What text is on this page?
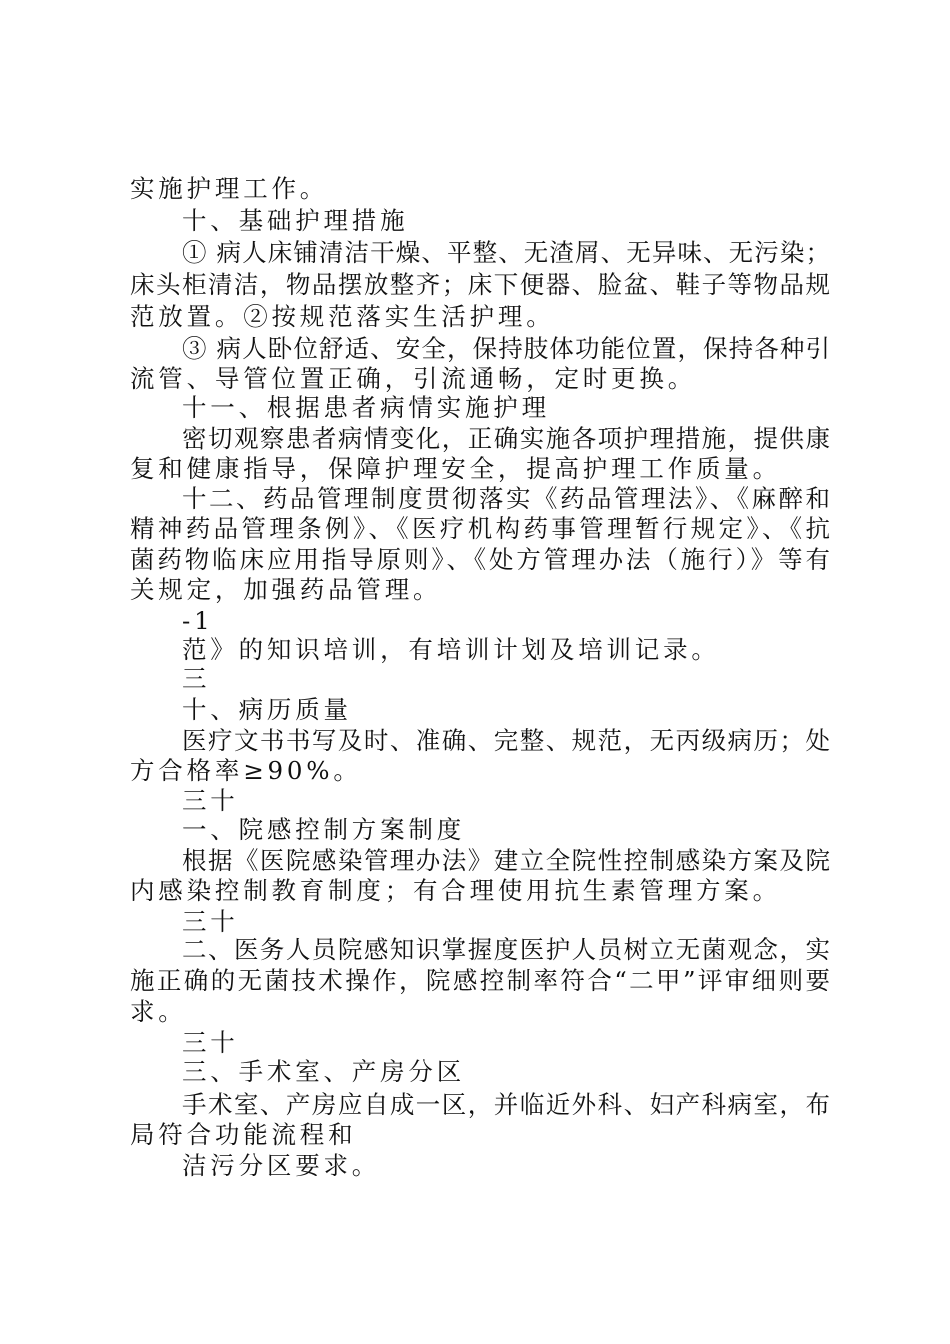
实施护理工作。
十、基础护理措施
① 病人床铺清洁干燥、平整、无渣屑、无异味、无污染；
床头柜清洁，物品摆放整齐；床下便器、脸盆、鞋子等物品规
范放置。②按规范落实生活护理。
③ 病人卧位舒适、安全，保持肢体功能位置，保持各种引
流管、导管位置正确，引流通畅，定时更换。
十一、根据患者病情实施护理
密切观察患者病情变化，正确实施各项护理措施，提供康
复和健康指导，保障护理安全，提高护理工作质量。
十二、药品管理制度贯彻落实《药品管理法》、《麻醉和
精神药品管理条例》、《医疗机构药事管理暂行规定》、《抗
菌药物临床应用指导原则》、《处方管理办法（施行）》等有
关规定，加强药品管理。
-1
范》的知识培训，有培训计划及培训记录。
三
十、病历质量
医疗文书书写及时、准确、完整、规范，无丙级病历；处
方合格率≥90%。
三十
一、院感控制方案制度
根据《医院感染管理办法》建立全院性控制感染方案及院
内感染控制教育制度；有合理使用抗生素管理方案。
三十
二、医务人员院感知识掌握度医护人员树立无菌观念，实
施正确的无菌技术操作，院感控制率符合“二甲”评审细则要
求。
三十
三、手术室、产房分区
手术室、产房应自成一区，并临近外科、妇产科病室，布
局符合功能流程和
洁污分区要求。
